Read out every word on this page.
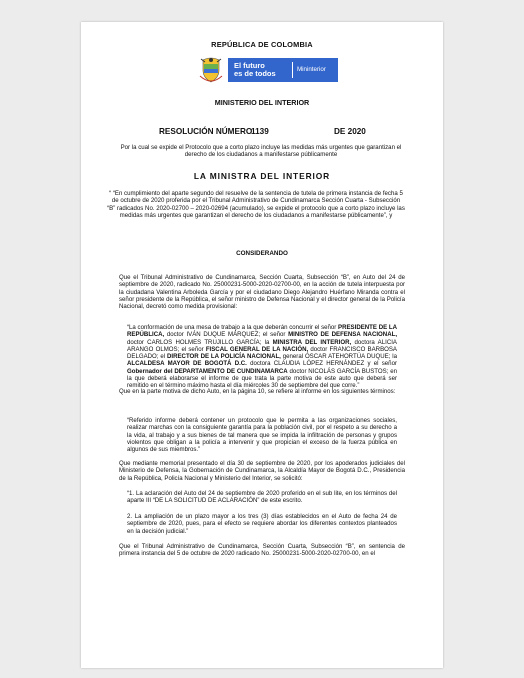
REPÚBLICA DE COLOMBIA
El futuro
es de todos	Mininterior
MINISTERIO DEL INTERIOR
RESOLUCIÓN NÚMERO
1139	DE 2020
Por la cual se expide el Protocolo que a corto plazo incluye las medidas más urgentes que garantizan el derecho de los ciudadanos a manifestarse públicamente
LA MINISTRA DEL INTERIOR
“ “En cumplimiento del aparte segundo del resuelve de la sentencia de tutela de primera instancia de fecha 5 de octubre de 2020 proferida por el Tribunal Administrativo de Cundinamarca Sección Cuarta - Subsección “B” radicados No. 2020-02700 – 2020-02694 (acumulado), se expide el protocolo que a corto plazo incluye las medidas más urgentes que garantizan el derecho de los ciudadanos a manifestarse públicamente”, y
CONSIDERANDO
Que el Tribunal Administrativo de Cundinamarca, Sección Cuarta, Subsección “B”, en Auto del 24 de septiembre de 2020, radicado No. 25000231-5000-2020-02700-00, en la acción de tutela interpuesta por la ciudadana Valentina Arboleda García y por el ciudadano Diego Alejandro Huérfano Miranda contra el señor presidente de la República, el señor ministro de Defensa Nacional y el director general de la Policía Nacional, decretó como medida provisional:
“La conformación de una mesa de trabajo a la que deberán concurrir el señor PRESIDENTE DE LA REPÚBLICA, doctor IVÁN DUQUE MÁRQUEZ; el señor MINISTRO DE DEFENSA NACIONAL, doctor CARLOS HOLMES TRUJILLO GARCÍA; la MINISTRA DEL INTERIOR, doctora ALICIA ARANGO OLMOS; el señor FISCAL GENERAL DE LA NACIÓN, doctor FRANCISCO BARBOSA DELGADO; el DIRECTOR DE LA POLICÍA NACIONAL, general ÓSCAR ATEHORTÚA DUQUE; la ALCALDESA MAYOR DE BOGOTÁ D.C. doctora CLAUDIA LÓPEZ HERNÁNDEZ y el señor Gobernador del DEPARTAMENTO DE CUNDINAMARCA doctor NICOLÁS GARCÍA BUSTOS; en la que deberá elaborarse el informe de que trata la parte motiva de este auto que deberá ser remitido en el término máximo hasta el día miércoles 30 de septiembre del que corre.”
Que en la parte motiva de dicho Auto, en la página 10, se refiere al informe en los siguientes términos:
“Referido informe deberá contener un protocolo que le permita a las organizaciones sociales, realizar marchas con la consiguiente garantía para la población civil, por el respeto a su derecho a la vida, al trabajo y a sus bienes de tal manera que se impida la infiltración de personas y grupos violentos que obligan a la policía a intervenir y que propician el exceso de la fuerza pública en algunos de sus miembros.”
Que mediante memorial presentado el día 30 de septiembre de 2020, por los apoderados judiciales del Ministerio de Defensa, la Gobernación de Cundinamarca, la Alcaldía Mayor de Bogotá D.C., Presidencia de la República, Policía Nacional y Ministerio del Interior, se solicitó:
“1. La aclaración del Auto del 24 de septiembre de 2020 proferido en el sub lite, en los términos del aparte III “DE LA SOLICITUD DE ACLARACIÓN” de este escrito.
2. La ampliación de un plazo mayor a los tres (3) días establecidos en el Auto de fecha 24 de septiembre de 2020, pues, para el efecto se requiere abordar los diferentes contextos planteados en la decisión judicial.”
Que el Tribunal Administrativo de Cundinamarca, Sección Cuarta, Subsección “B”, en sentencia de primera instancia del 5 de octubre de 2020 radicado No. 25000231-5000-2020-02700-00, en el
